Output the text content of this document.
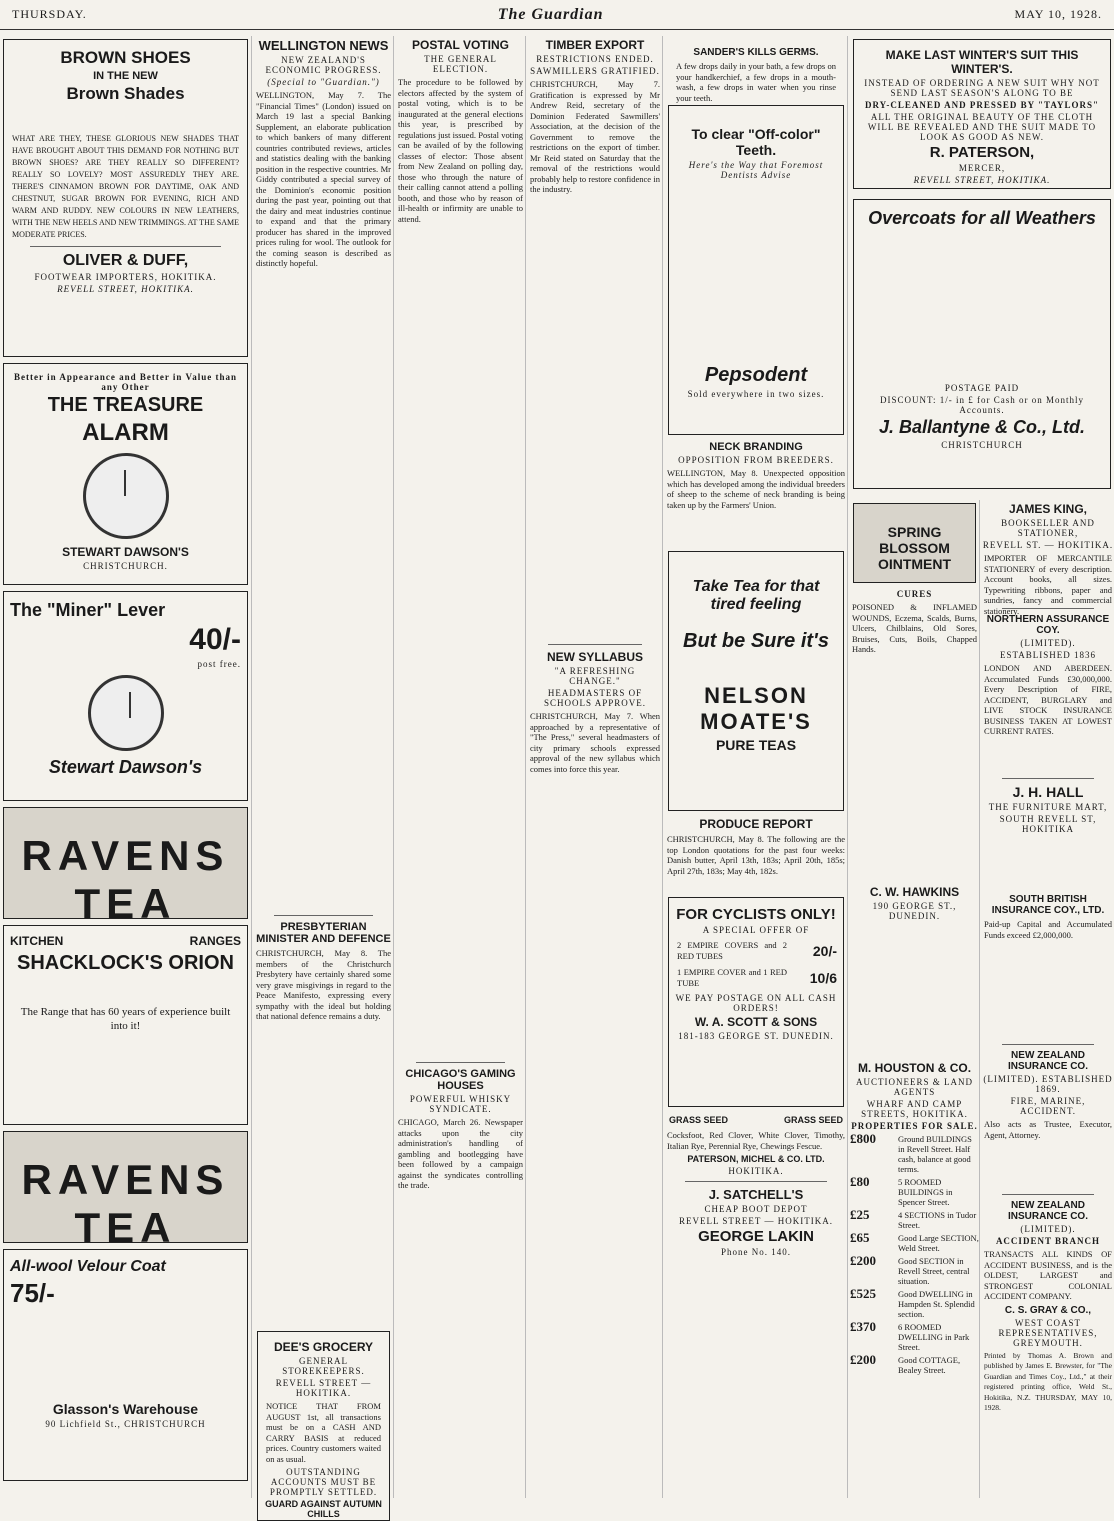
THURSDAY.	The Guardian	MAY 10, 1928.
BROWN SHOES
IN THE NEW
Brown Shades
WHAT ARE THEY, THESE GLORIOUS NEW SHADES THAT HAVE BROUGHT ABOUT THIS DEMAND FOR NOTHING BUT BROWN SHOES? ARE THEY REALLY SO DIFFERENT? REALLY SO LOVELY? MOST ASSUREDLY THEY ARE. THERE'S CINNAMON BROWN FOR DAYTIME, OAK AND CHESTNUT, SUGAR BROWN FOR EVENING, RICH AND WARM AND RUDDY. NEW COLOURS IN NEW LEATHERS, WITH THE NEW HEELS AND NEW TRIMMINGS. AT THE SAME MODERATE PRICES.
OLIVER & DUFF,
FOOTWEAR IMPORTERS, HOKITIKA.
REVELL STREET, HOKITIKA.
Better in Appearance and Better in Value than any Other
THE TREASURE
ALARM
STEWART DAWSON'S
CHRISTCHURCH.
The "Miner" Lever
40/-
post free.
Stewart Dawson's
RAVENS TEA
KITCHEN	RANGES
SHACKLOCK'S ORION
The Range that has 60 years of experience built into it!
RAVENS TEA
All-wool Velour Coat
75/-
Glasson's Warehouse
90 Lichfield St., CHRISTCHURCH
WELLINGTON NEWS
NEW ZEALAND'S ECONOMIC PROGRESS.
(Special to "Guardian.")
WELLINGTON, May 7. The "Financial Times" (London) issued on March 19 last a special Banking Supplement, an elaborate publication to which bankers of many different countries contributed reviews, articles and statistics dealing with the banking position in the respective countries. Mr Giddy contributed a special survey of the Dominion's economic position during the past year, pointing out that the dairy and meat industries continue to expand and that the primary producer has shared in the improved prices ruling for wool. The outlook for the coming season is described as distinctly hopeful.
PRESBYTERIAN MINISTER AND DEFENCE
CHRISTCHURCH, May 8. The members of the Christchurch Presbytery have certainly shared some very grave misgivings in regard to the Peace Manifesto, expressing every sympathy with the ideal but holding that national defence remains a duty.
DEE'S GROCERY
GENERAL STOREKEEPERS.
REVELL STREET — HOKITIKA.
NOTICE THAT FROM AUGUST 1st, all transactions must be on a CASH AND CARRY BASIS at reduced prices. Country customers waited on as usual.
OUTSTANDING ACCOUNTS MUST BE PROMPTLY SETTLED.
GUARD AGAINST AUTUMN CHILLS
POSTAL VOTING
THE GENERAL ELECTION.
The procedure to be followed by electors affected by the system of postal voting, which is to be inaugurated at the general elections this year, is prescribed by regulations just issued. Postal voting can be availed of by the following classes of elector: Those absent from New Zealand on polling day, those who through the nature of their calling cannot attend a polling booth, and those who by reason of ill-health or infirmity are unable to attend.
CHICAGO'S GAMING HOUSES
POWERFUL WHISKY SYNDICATE.
CHICAGO, March 26. Newspaper attacks upon the city administration's handling of gambling and bootlegging have been followed by a campaign against the syndicates controlling the trade.
TIMBER EXPORT
RESTRICTIONS ENDED.
SAWMILLERS GRATIFIED.
CHRISTCHURCH, May 7. Gratification is expressed by Mr Andrew Reid, secretary of the Dominion Federated Sawmillers' Association, at the decision of the Government to remove the restrictions on the export of timber. Mr Reid stated on Saturday that the removal of the restrictions would probably help to restore confidence in the industry.
NEW SYLLABUS
"A REFRESHING CHANGE."
HEADMASTERS OF SCHOOLS APPROVE.
CHRISTCHURCH, May 7. When approached by a representative of "The Press," several headmasters of city primary schools expressed approval of the new syllabus which comes into force this year.
SANDER'S KILLS GERMS.
A few drops daily in your bath, a few drops on your handkerchief, a few drops in a mouth-wash, a few drops in water when you rinse your teeth.
To clear "Off-color" Teeth.
Here's the Way that Foremost Dentists Advise
Pepsodent
Sold everywhere in two sizes.
NECK BRANDING
OPPOSITION FROM BREEDERS.
WELLINGTON, May 8. Unexpected opposition which has developed among the individual breeders of sheep to the scheme of neck branding is being taken up by the Farmers' Union.
Take Tea for that tired feeling
But be Sure it's
NELSON MOATE'S
PURE TEAS
PRODUCE REPORT
CHRISTCHURCH, May 8. The following are the top London quotations for the past four weeks: Danish butter, April 13th, 183s; April 20th, 185s; April 27th, 183s; May 4th, 182s.
FOR CYCLISTS ONLY!
A SPECIAL OFFER OF
2 EMPIRE COVERS and 2 RED TUBES	20/-
1 EMPIRE COVER and 1 RED TUBE	10/6
WE PAY POSTAGE ON ALL CASH ORDERS!
W. A. SCOTT & SONS
181-183 GEORGE ST. DUNEDIN.
GRASS SEED	GRASS SEED
Cocksfoot, Red Clover, White Clover, Timothy, Italian Rye, Perennial Rye, Chewings Fescue.
PATERSON, MICHEL & CO. LTD.
HOKITIKA.
J. SATCHELL'S
CHEAP BOOT DEPOT
REVELL STREET — HOKITIKA.
GEORGE LAKIN
Phone No. 140.
MAKE LAST WINTER'S SUIT THIS WINTER'S.
INSTEAD OF ORDERING A NEW SUIT WHY NOT SEND LAST SEASON'S ALONG TO BE
DRY-CLEANED AND PRESSED BY "TAYLORS"
ALL THE ORIGINAL BEAUTY OF THE CLOTH WILL BE REVEALED AND THE SUIT MADE TO LOOK AS GOOD AS NEW.
R. PATERSON,
MERCER,
REVELL STREET, HOKITIKA.
Overcoats for all Weathers
POSTAGE PAID
DISCOUNT: 1/- in £ for Cash or on Monthly Accounts.
J. Ballantyne & Co., Ltd.
CHRISTCHURCH
SPRING BLOSSOM OINTMENT
CURES
POISONED & INFLAMED WOUNDS, Eczema, Scalds, Burns, Ulcers, Chilblains, Old Sores, Bruises, Cuts, Boils, Chapped Hands.
C. W. HAWKINS
190 GEORGE ST., DUNEDIN.
M. HOUSTON & CO.
AUCTIONEERS & LAND AGENTS
WHARF AND CAMP STREETS, HOKITIKA.
PROPERTIES FOR SALE.
£800	Ground BUILDINGS in Revell Street. Half cash, balance at good terms.
£80	5 ROOMED BUILDINGS in Spencer Street.
£25	4 SECTIONS in Tudor Street.
£65	Good Large SECTION, Weld Street.
£200	Good SECTION in Revell Street, central situation.
£525	Good DWELLING in Hampden St. Splendid section.
£370	6 ROOMED DWELLING in Park Street.
£200	Good COTTAGE, Bealey Street.
JAMES KING,
BOOKSELLER AND STATIONER,
REVELL ST. — HOKITIKA.
IMPORTER OF MERCANTILE STATIONERY of every description. Account books, all sizes. Typewriting ribbons, paper and sundries, fancy and commercial stationery.
NORTHERN ASSURANCE COY.
(LIMITED).
ESTABLISHED 1836
LONDON AND ABERDEEN. Accumulated Funds £30,000,000. Every Description of FIRE, ACCIDENT, BURGLARY and LIVE STOCK INSURANCE BUSINESS TAKEN AT LOWEST CURRENT RATES.
J. H. HALL
THE FURNITURE MART,
SOUTH REVELL ST, HOKITIKA
SOUTH BRITISH INSURANCE COY., LTD.
Paid-up Capital and Accumulated Funds exceed £2,000,000.
NEW ZEALAND INSURANCE CO.
(LIMITED). ESTABLISHED 1869.
FIRE, MARINE, ACCIDENT.
Also acts as Trustee, Executor, Agent, Attorney.
NEW ZEALAND INSURANCE CO.
(LIMITED).
ACCIDENT BRANCH
TRANSACTS ALL KINDS OF ACCIDENT BUSINESS, and is the OLDEST, LARGEST and STRONGEST COLONIAL ACCIDENT COMPANY.
C. S. GRAY & CO.,
WEST COAST REPRESENTATIVES, GREYMOUTH.
Printed by Thomas A. Brown and published by James E. Brewster, for "The Guardian and Times Coy., Ltd.," at their registered printing office, Weld St., Hokitika, N.Z. THURSDAY, MAY 10, 1928.
